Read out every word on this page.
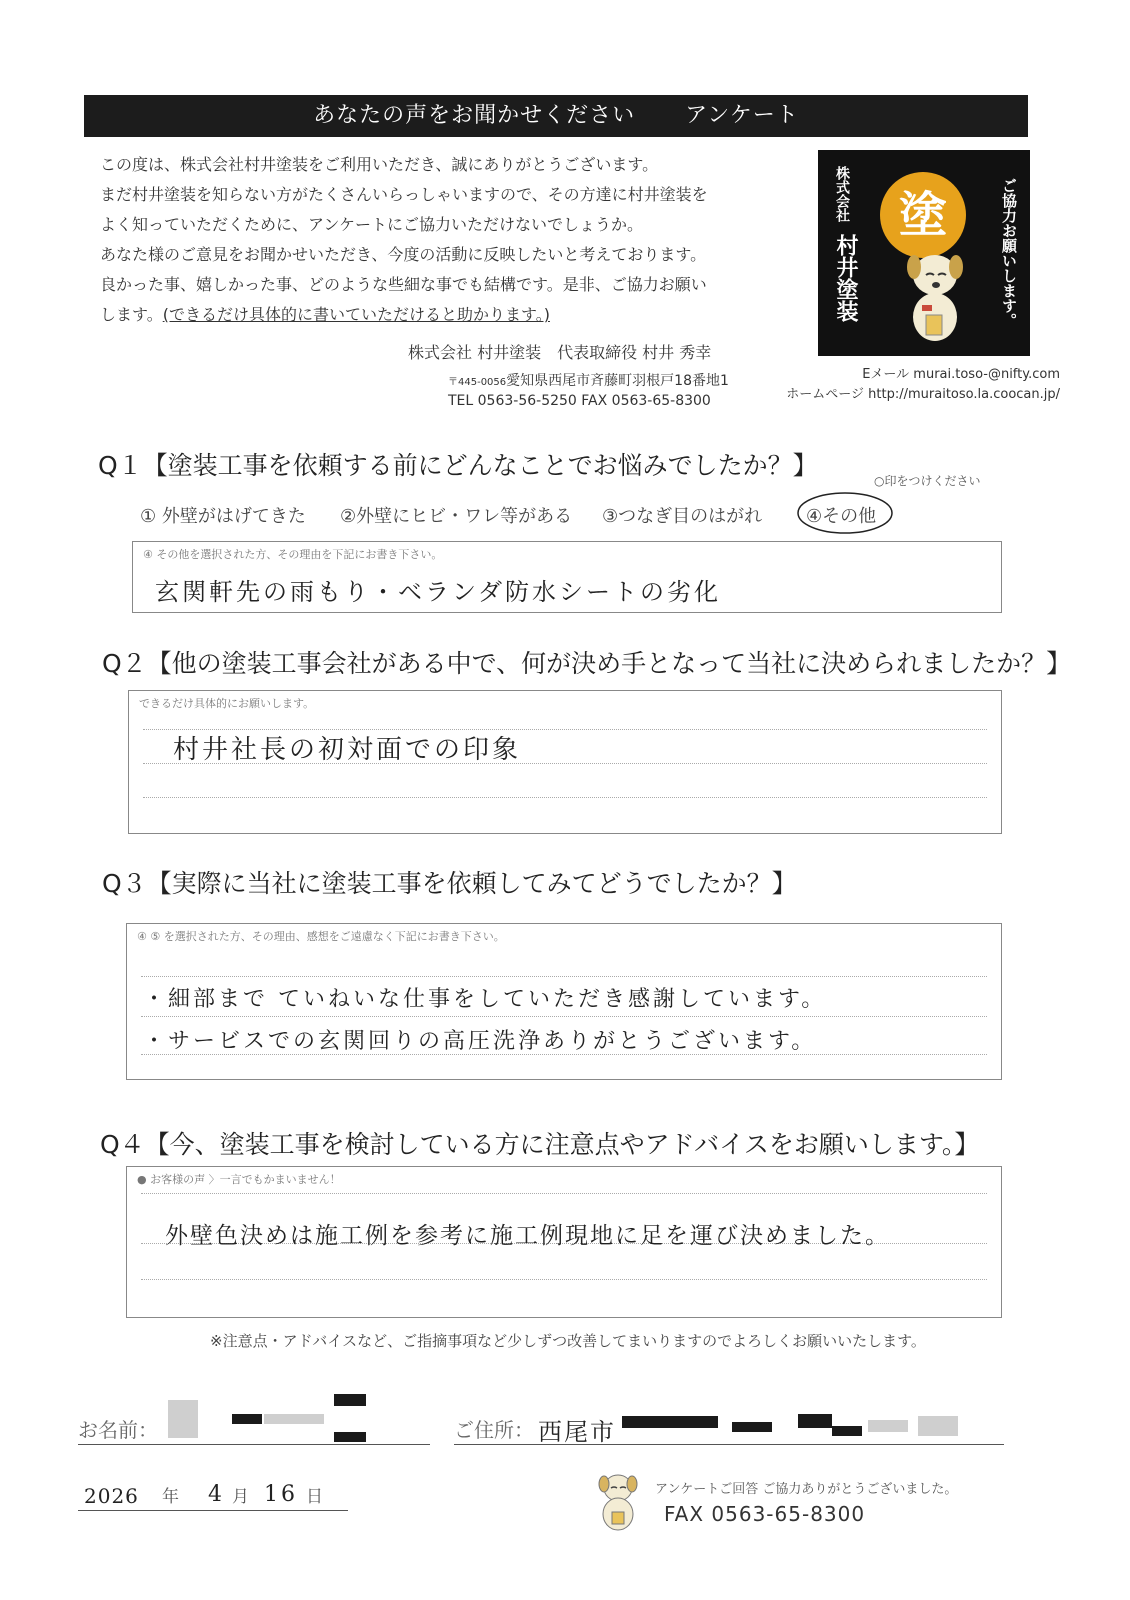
あなたの声をお聞かせください アンケート
この度は、株式会社村井塗装をご利用いただき、誠にありがとうございます。
まだ村井塗装を知らない方がたくさんいらっしゃいますので、その方達に村井塗装を
よく知っていただくために、アンケートにご協力いただけないでしょうか。
あなた様のご意見をお聞かせいただき、今度の活動に反映したいと考えております。
良かった事、嬉しかった事、どのような些細な事でも結構です。是非、ご協力お願い
します。(できるだけ具体的に書いていただけると助かります。)
塗
株式会社
村井塗装	ご協力お願いします。
株式会社 村井塗装　代表取締役 村井 秀幸
〒445-0056愛知県西尾市斉藤町羽根戸18番地1
TEL 0563-56-5250 FAX 0563-65-8300
Eメール murai.toso-@nifty.com
ホームページ http://muraitoso.la.coocan.jp/
Q１【塗装工事を依頼する前にどんなことでお悩みでしたか？】
○印をつけください
① 外壁がはげてきた ②外壁にヒビ・ワレ等がある ③つなぎ目のはがれ ④その他
④ その他を選択された方、その理由を下記にお書き下さい。
玄関軒先の雨もり・ベランダ防水シートの劣化
Q２【他の塗装工事会社がある中で、何が決め手となって当社に決められましたか？】
できるだけ具体的にお願いします。
村井社長の初対面での印象
Q３【実際に当社に塗装工事を依頼してみてどうでしたか？】
④ ⑤ を選択された方、その理由、感想をご遠慮なく下記にお書き下さい。
・細部まで ていねいな仕事をしていただき感謝しています。
・サービスでの玄関回りの高圧洗浄ありがとうございます。
Q４【今、塗装工事を検討している方に注意点やアドバイスをお願いします。】
● お客様の声 〉一言でもかまいません！
外壁色決めは施工例を参考に施工例現地に足を運び決めました。
※注意点・アドバイスなど、ご指摘事項など少しずつ改善してまいりますのでよろしくお願いいたします。
お名前：	ご住所： 西尾市
2026 年 4 月 16 日	アンケートご回答 ご協力ありがとうございました。
FAX 0563-65-8300
